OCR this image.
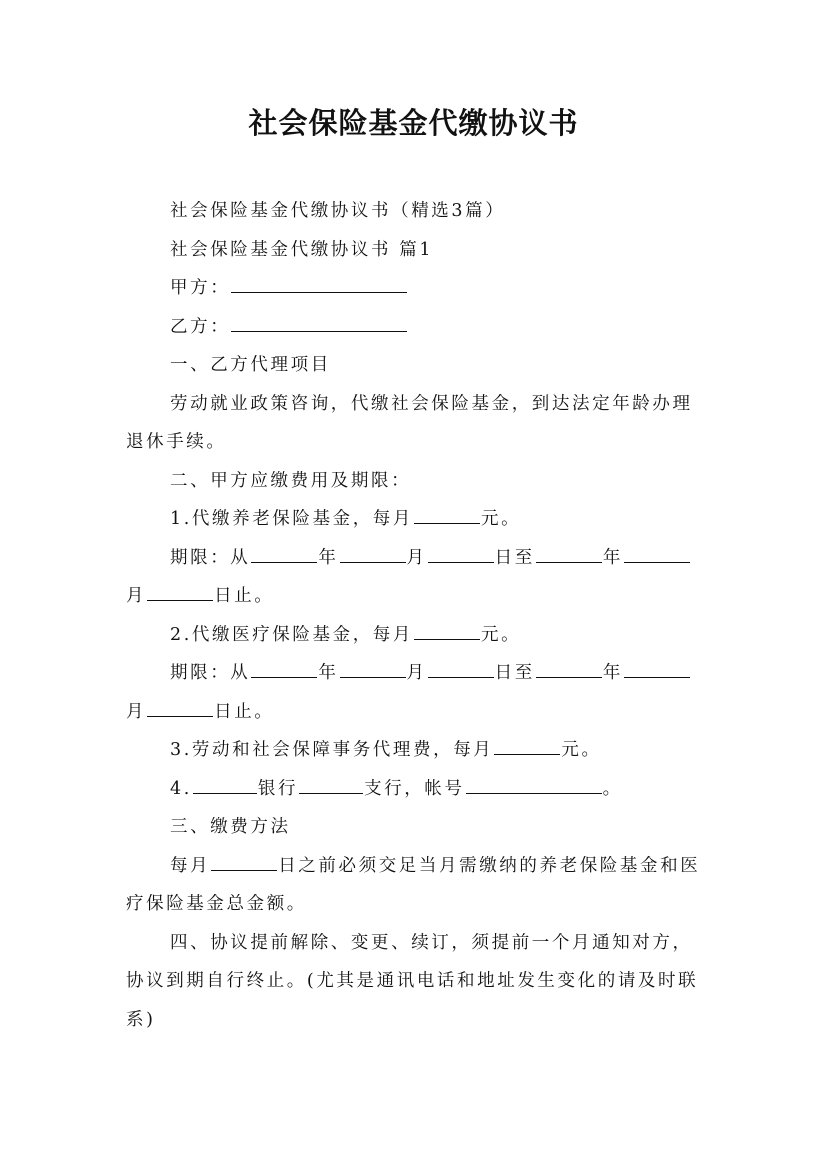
社会保险基金代缴协议书

社会保险基金代缴协议书（精选3篇）

社会保险基金代缴协议书 篇1

甲方：

乙方：

一、乙方代理项目

劳动就业政策咨询，代缴社会保险基金，到达法定年龄办理退休手续。

二、甲方应缴费用及期限：

1.代缴养老保险基金，每月	元。

期限：从	年	月	日至	年月	日止。

2.代缴医疗保险基金，每月	元。

期限：从	年	月	日至	年月	日止。

3.劳动和社会保障事务代理费，每月	元。

4.	银行	支行，帐号	。

三、缴费方法

每月	日之前必须交足当月需缴纳的养老保险基金和医疗保险基金总金额。

四、协议提前解除、变更、续订，须提前一个月通知对方，协议到期自行终止。(尤其是通讯电话和地址发生变化的请及时联系)
